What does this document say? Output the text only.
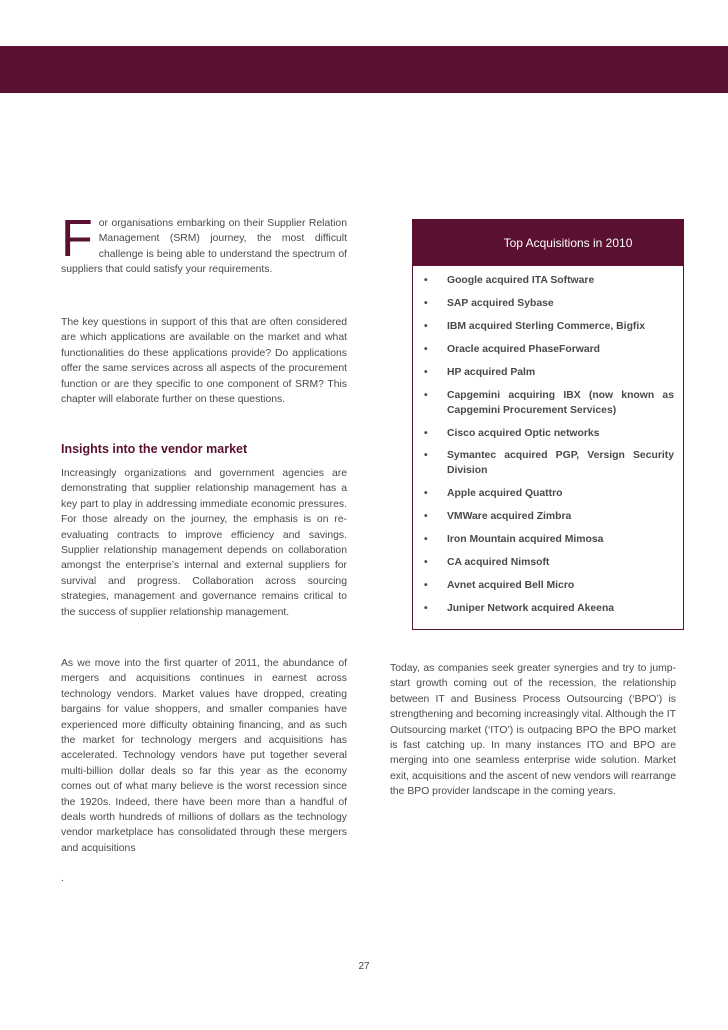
F or organisations embarking on their Supplier Relation Management (SRM) journey, the most difficult challenge is being able to understand the spectrum of suppliers that could satisfy your requirements.

The key questions in support of this that are often considered are which applications are available on the market and what functionalities do these applications provide? Do applications offer the same services across all aspects of the procurement function or are they specific to one component of SRM? This chapter will elaborate further on these questions.

Insights into the vendor market

Increasingly organizations and government agencies are demonstrating that supplier relationship management has a key part to play in addressing immediate economic pressures. For those already on the journey, the emphasis is on re-evaluating contracts to improve efficiency and savings. Supplier relationship management depends on collaboration amongst the enterprise’s internal and external suppliers for survival and progress. Collaboration across sourcing strategies, management and governance remains critical to the success of supplier relationship management.

As we move into the first quarter of 2011, the abundance of mergers and acquisitions continues in earnest across technology vendors. Market values have dropped, creating bargains for value shoppers, and smaller companies have experienced more difficulty obtaining financing, and as such the market for technology mergers and acquisitions has accelerated. Technology vendors have put together several multi-billion dollar deals so far this year as the economy comes out of what many believe is the worst recession since the 1920s. Indeed, there have been more than a handful of deals worth hundreds of millions of dollars as the technology vendor marketplace has consolidated through these mergers and acquisitions

.
Top Acquisitions in 2010
• Google acquired ITA Software
• SAP acquired Sybase
• IBM acquired Sterling Commerce, Bigfix
• Oracle acquired PhaseForward
• HP acquired Palm
• Capgemini acquiring IBX (now known as Capgemini Procurement Services)
• Cisco acquired Optic networks
• Symantec acquired PGP, Versign Security Division
• Apple acquired Quattro
• VMWare acquired Zimbra
• Iron Mountain acquired Mimosa
• CA acquired Nimsoft
• Avnet acquired Bell Micro
• Juniper Network acquired Akeena

Today, as companies seek greater synergies and try to jump-start growth coming out of the recession, the relationship between IT and Business Process Outsourcing (‘BPO’) is strengthening and becoming increasingly vital. Although the IT Outsourcing market (‘ITO’) is outpacing BPO the BPO market is fast catching up. In many instances ITO and BPO are merging into one seamless enterprise wide solution. Market exit, acquisitions and the ascent of new vendors will rearrange the BPO provider landscape in the coming years.

27
